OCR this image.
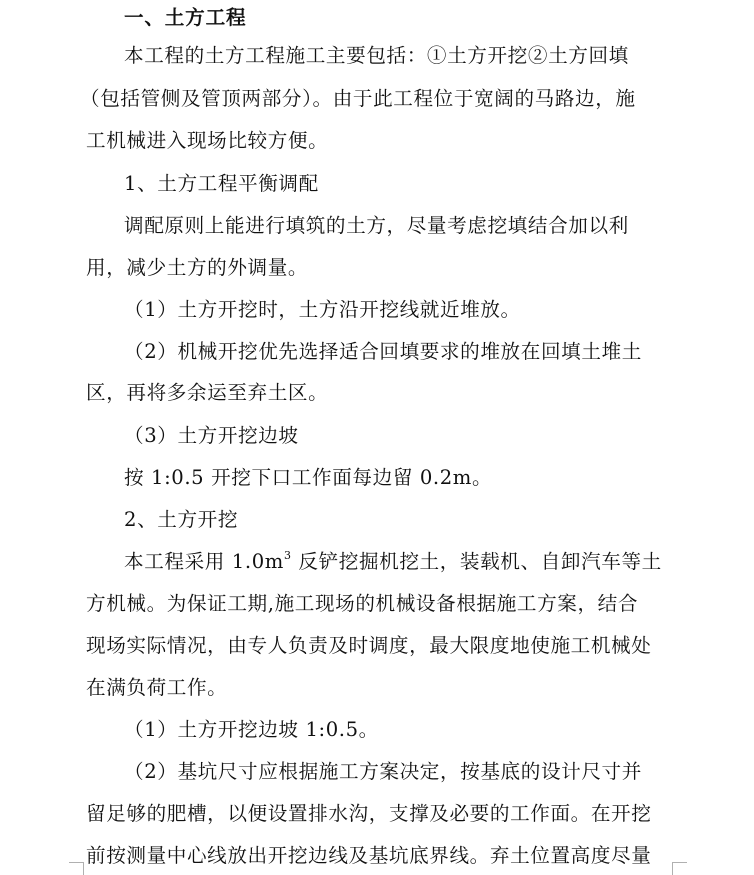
一、土方工程
本工程的土方工程施工主要包括：①土方开挖②土方回填
（包括管侧及管顶两部分）。由于此工程位于宽阔的马路边，施
工机械进入现场比较方便。
1、土方工程平衡调配
调配原则上能进行填筑的土方，尽量考虑挖填结合加以利
用，减少土方的外调量。
（1）土方开挖时，土方沿开挖线就近堆放。
（2）机械开挖优先选择适合回填要求的堆放在回填土堆土
区，再将多余运至弃土区。
（3）土方开挖边坡
按 1:0.5 开挖下口工作面每边留 0.2m。
2、土方开挖
本工程采用 $1.0m^3$ 反铲挖掘机挖土，装载机、自卸汽车等土
方机械。为保证工期,施工现场的机械设备根据施工方案，结合
现场实际情况，由专人负责及时调度，最大限度地使施工机械处
在满负荷工作。
（1）土方开挖边坡 1:0.5。
（2）基坑尺寸应根据施工方案决定，按基底的设计尺寸并
留足够的肥槽，以便设置排水沟，支撑及必要的工作面。在开挖
前按测量中心线放出开挖边线及基坑底界线。弃土位置高度尽量
